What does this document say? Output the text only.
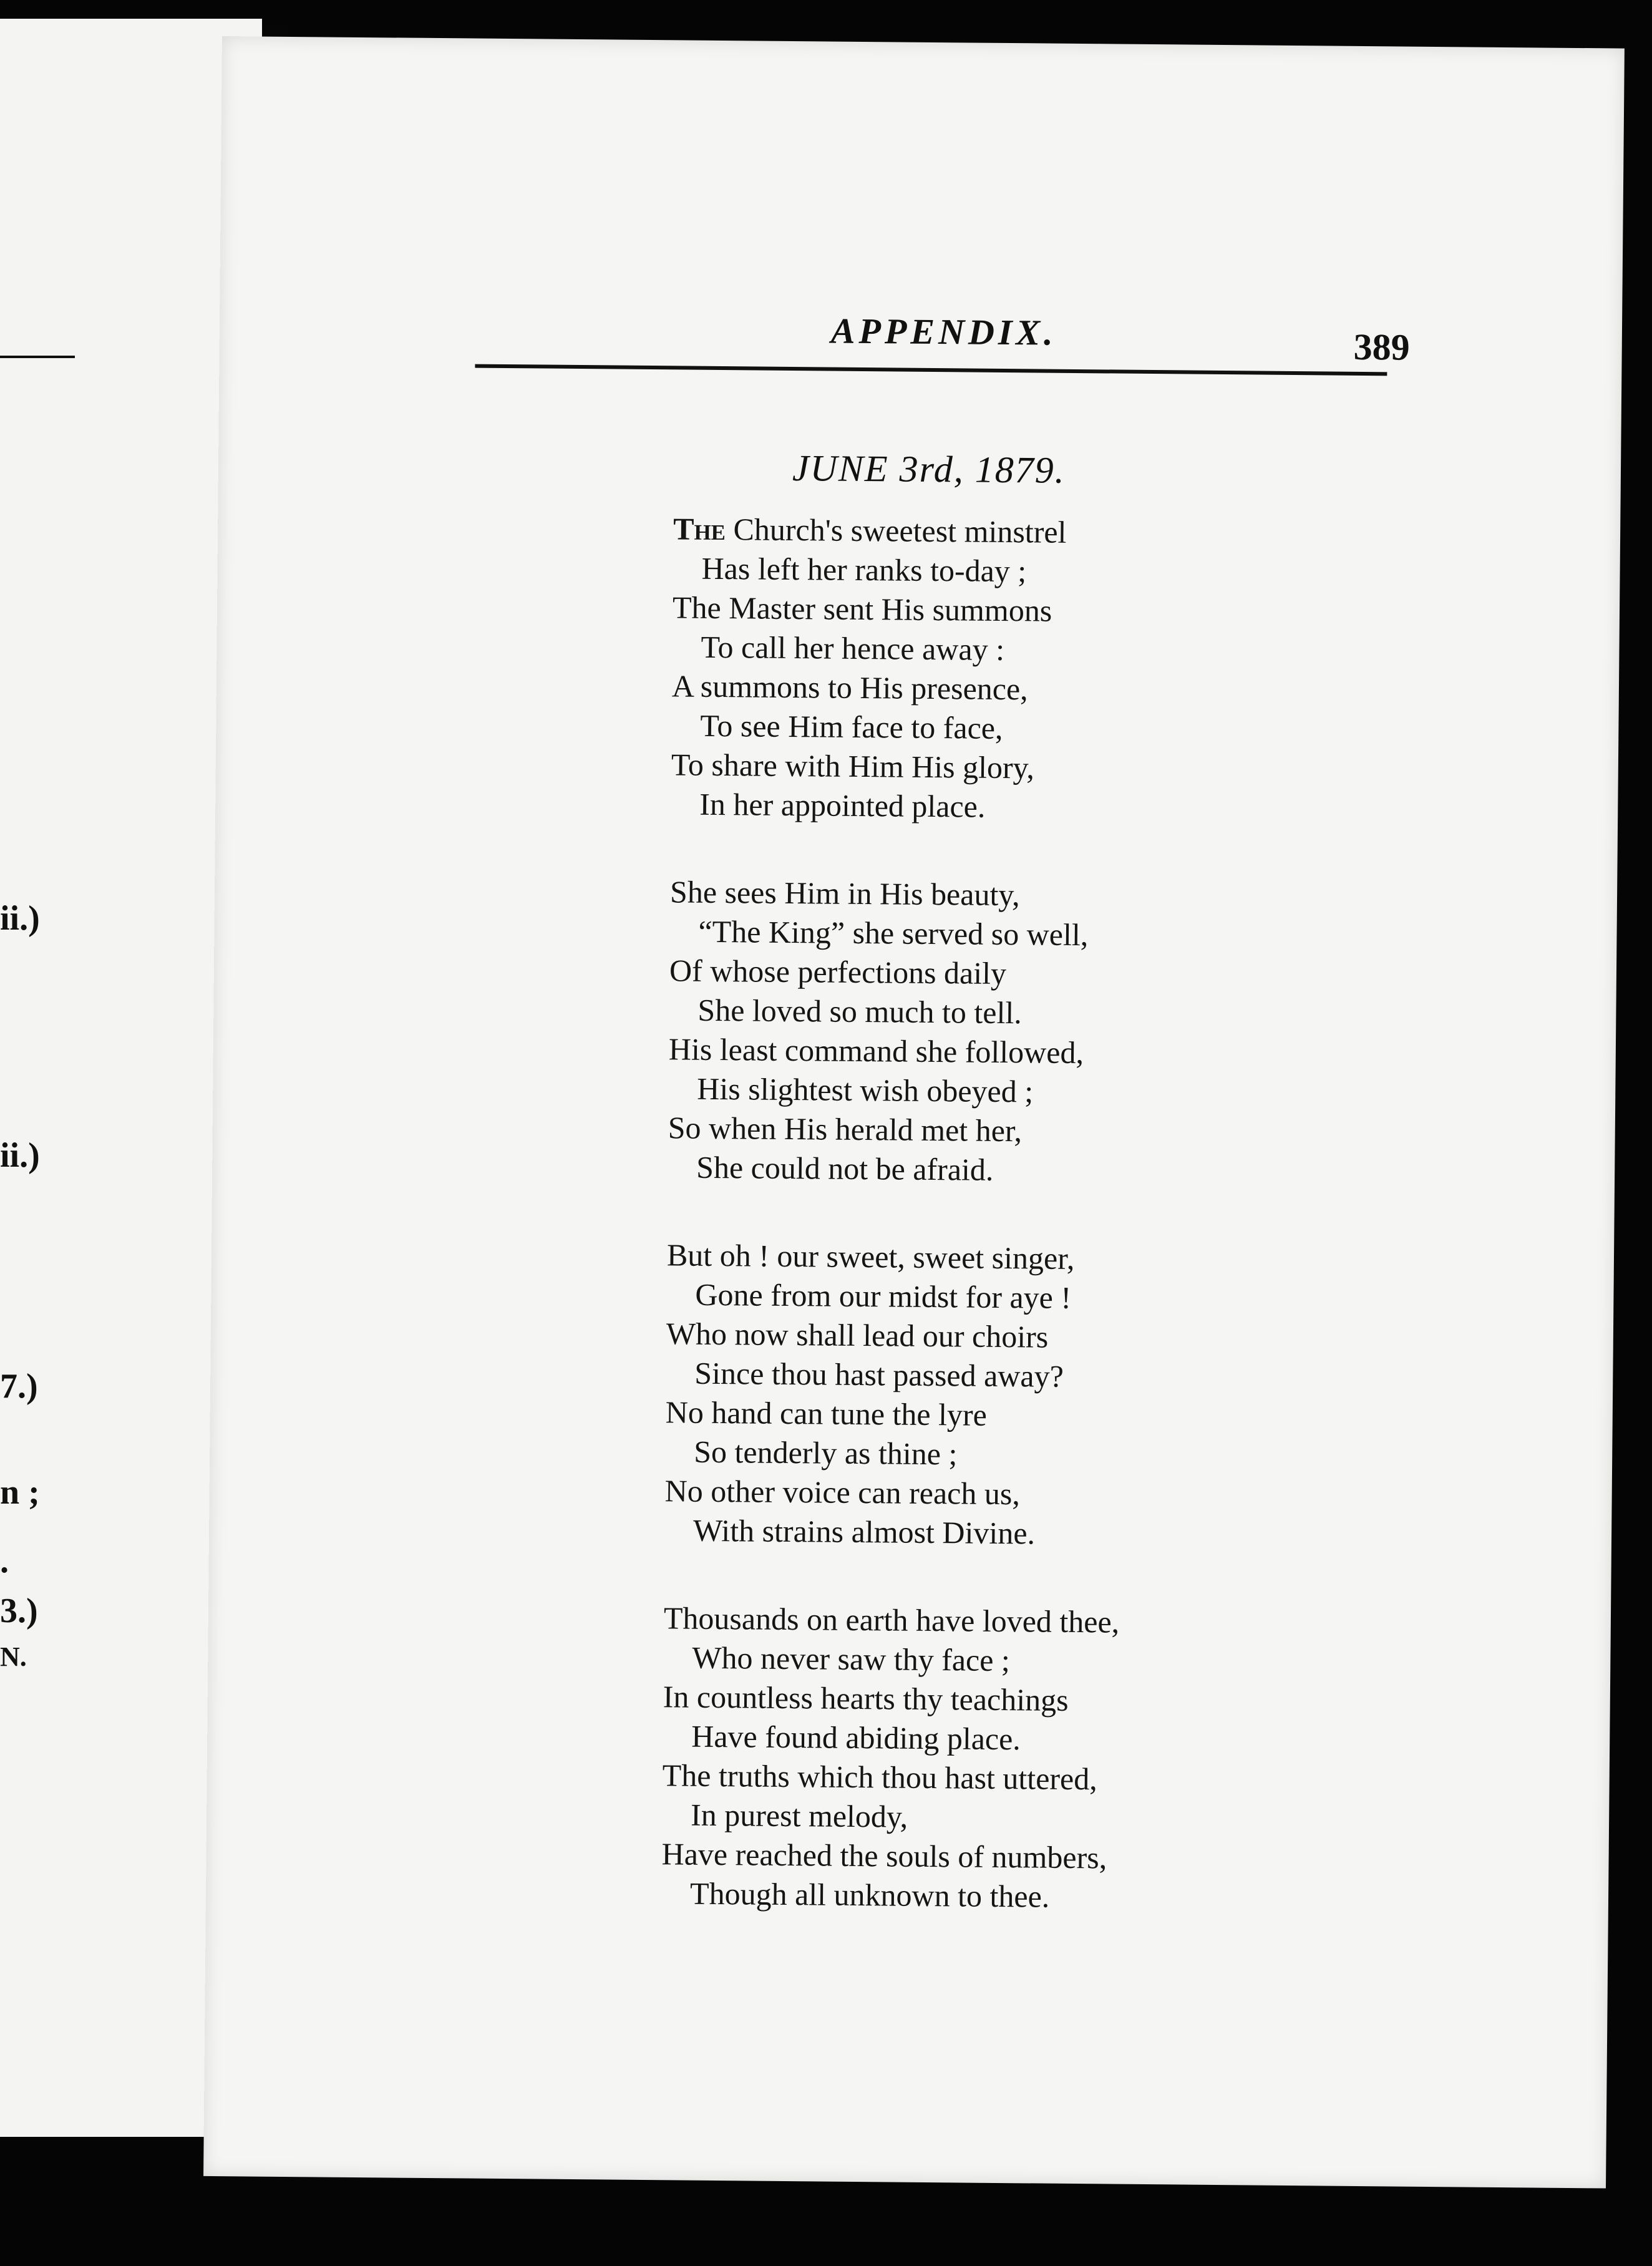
ii.)
ii.)
7.)
n ;
.
3.)
N.
APPENDIX.	389
JUNE 3rd, 1879.
The Church's sweetest minstrel
Has left her ranks to-day ;
The Master sent His summons
To call her hence away :
A summons to His presence,
To see Him face to face,
To share with Him His glory,
In her appointed place.
She sees Him in His beauty,
“The King” she served so well,
Of whose perfections daily
She loved so much to tell.
His least command she followed,
His slightest wish obeyed ;
So when His herald met her,
She could not be afraid.
But oh ! our sweet, sweet singer,
Gone from our midst for aye !
Who now shall lead our choirs
Since thou hast passed away?
No hand can tune the lyre
So tenderly as thine ;
No other voice can reach us,
With strains almost Divine.
Thousands on earth have loved thee,
Who never saw thy face ;
In countless hearts thy teachings
Have found abiding place.
The truths which thou hast uttered,
In purest melody,
Have reached the souls of numbers,
Though all unknown to thee.
